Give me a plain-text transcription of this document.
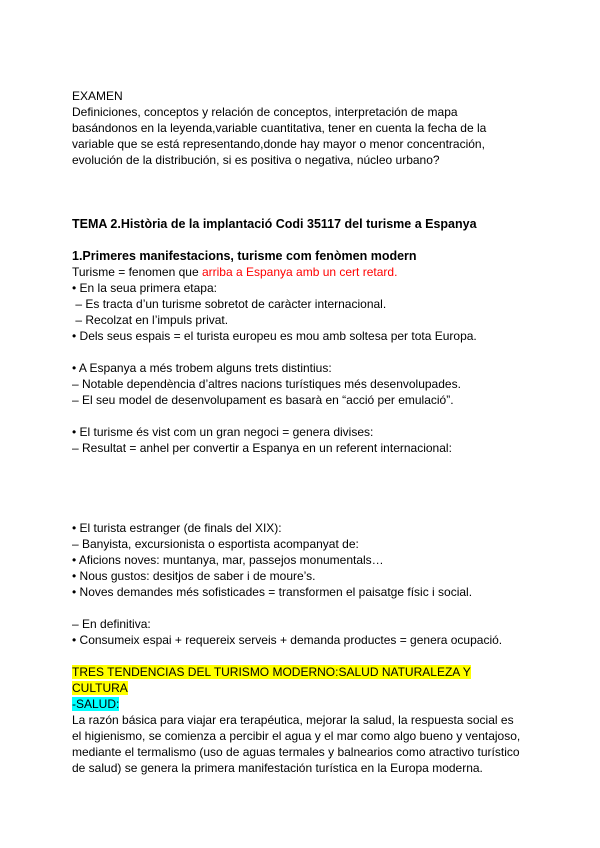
EXAMEN

Definiciones, conceptos y relación de conceptos, interpretación de mapa

basándonos en la leyenda,variable cuantitativa, tener en cuenta la fecha de la

variable que se está representando,donde hay mayor o menor concentración,

evolución de la distribución, si es positiva o negativa, núcleo urbano?

TEMA 2.Història de la implantació Codi 35117 del turisme a Espanya

1.Primeres manifestacions, turisme com fenòmen modern

Turisme = fenomen que arriba a Espanya amb un cert retard.

• En la seua primera etapa:

– Es tracta d’un turisme sobretot de caràcter internacional.

– Recolzat en l’impuls privat.

• Dels seus espais = el turista europeu es mou amb soltesa per tota Europa.

• A Espanya a més trobem alguns trets distintius:

– Notable dependència d’altres nacions turístiques més desenvolupades.

– El seu model de desenvolupament es basarà en “acció per emulació”.

• El turisme és vist com un gran negoci = genera divises:

– Resultat = anhel per convertir a Espanya en un referent internacional:

• El turista estranger (de finals del XIX):

– Banyista, excursionista o esportista acompanyat de:

• Aficions noves: muntanya, mar, passejos monumentals…

• Nous gustos: desitjos de saber i de moure’s.

• Noves demandes més sofisticades = transformen el paisatge físic i social.

– En definitiva:

• Consumeix espai + requereix serveis + demanda productes = genera ocupació.

TRES TENDENCIAS DEL TURISMO MODERNO:SALUD NATURALEZA Y

CULTURA

-SALUD:

La razón básica para viajar era terapéutica, mejorar la salud, la respuesta social es

el higienismo, se comienza a percibir el agua y el mar como algo bueno y ventajoso,

mediante el termalismo (uso de aguas termales y balnearios como atractivo turístico

de salud) se genera la primera manifestación turística en la Europa moderna.
